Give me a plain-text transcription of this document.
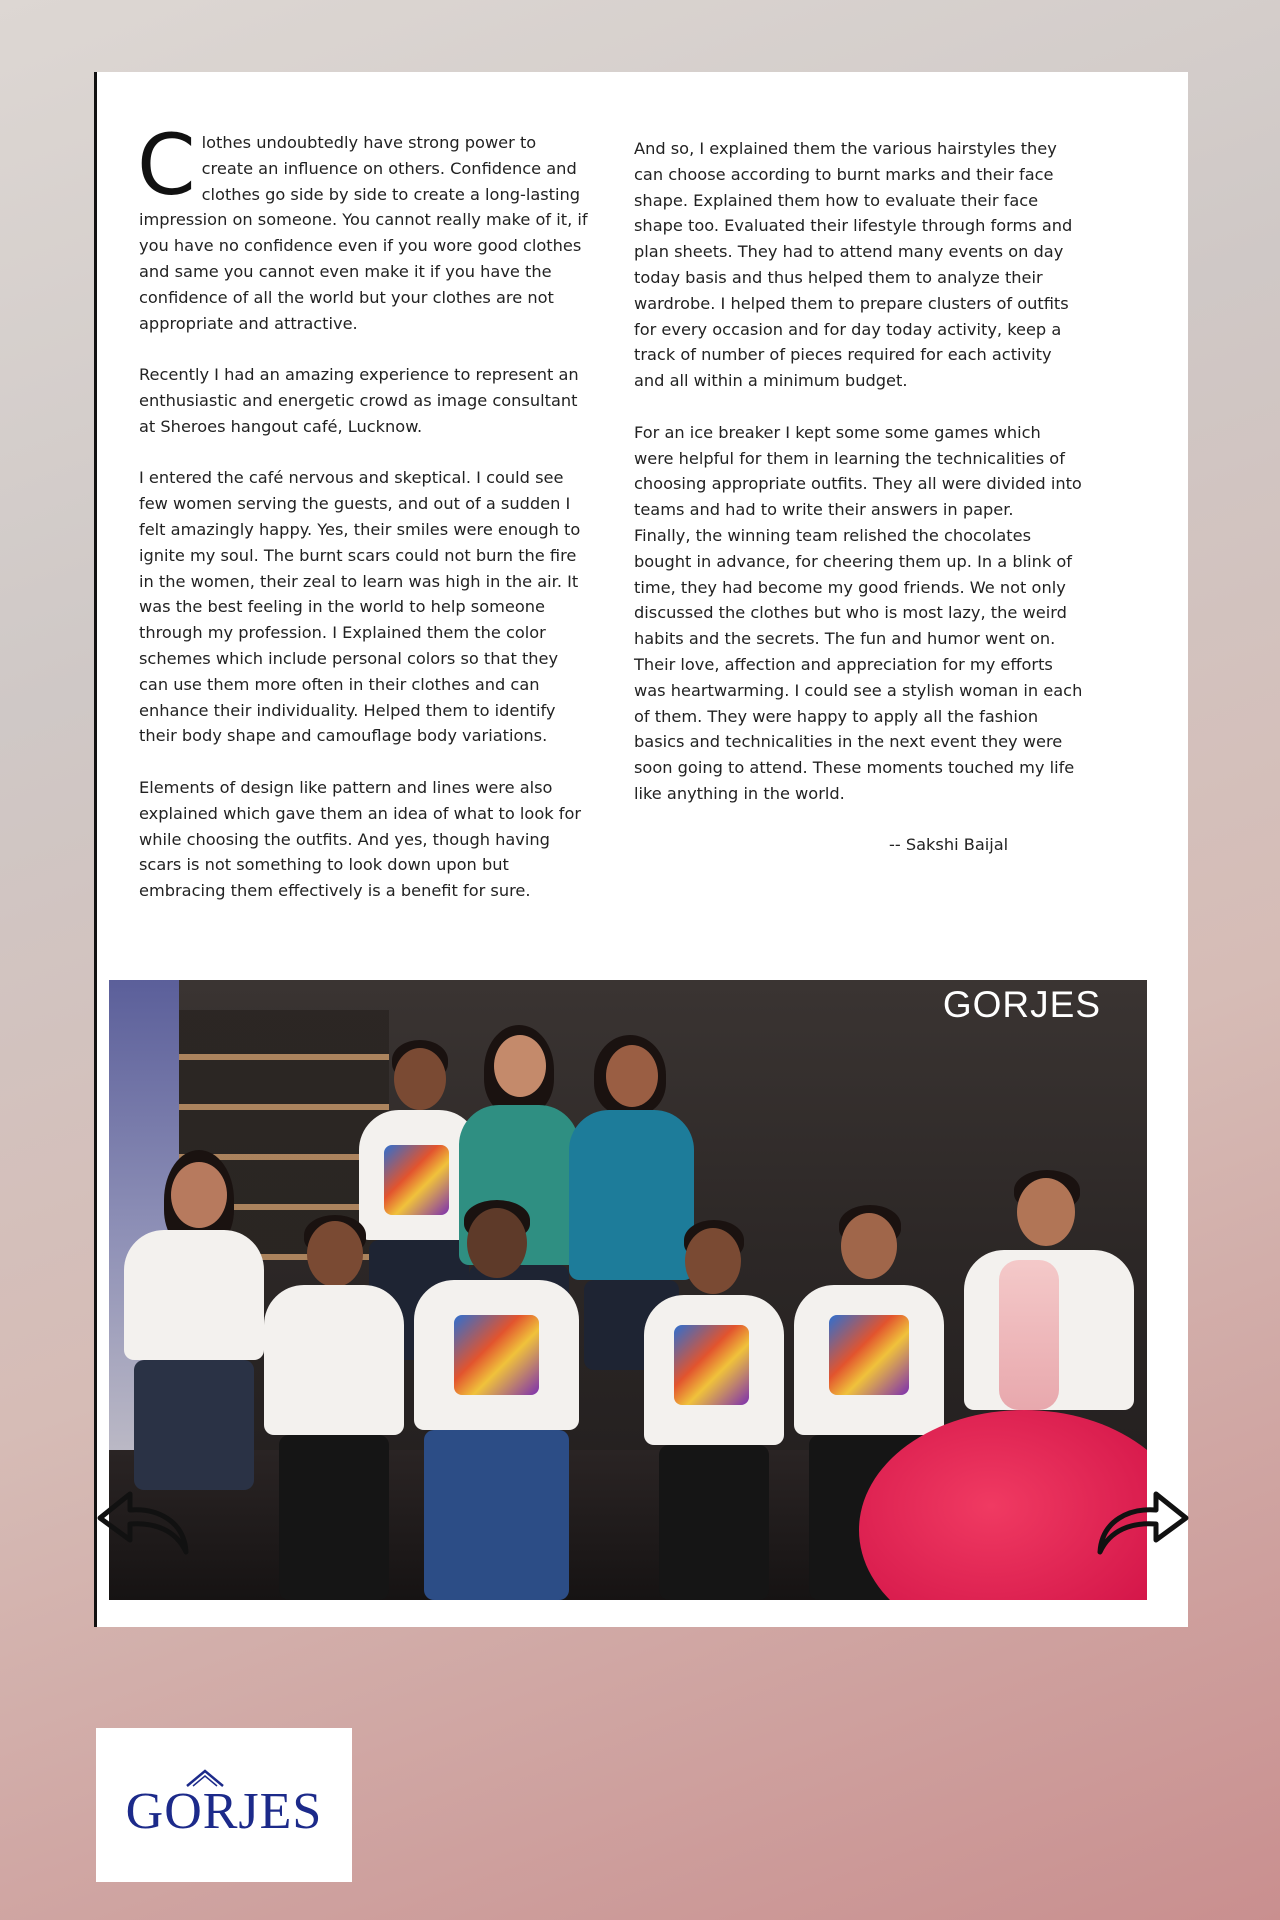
Clothes undoubtedly have strong power to create an influence on others. Confidence and clothes go side by side to create a long-lasting impression on someone. You cannot really make of it, if you have no confidence even if you wore good clothes and same you cannot even make it if you have the confidence of all the world but your clothes are not appropriate and attractive.

Recently I had an amazing experience to represent an enthusiastic and energetic crowd as image consultant at Sheroes hangout café, Lucknow.

I entered the café nervous and skeptical. I could see few women serving the guests, and out of a sudden I felt amazingly happy. Yes, their smiles were enough to ignite my soul. The burnt scars could not burn the fire in the women, their zeal to learn was high in the air. It was the best feeling in the world to help someone through my profession. I Explained them the color schemes which include personal colors so that they can use them more often in their clothes and can enhance their individuality. Helped them to identify their body shape and camouflage body variations.

Elements of design like pattern and lines were also explained which gave them an idea of what to look for while choosing the outfits. And yes, though having scars is not something to look down upon but embracing them effectively is a benefit for sure.

And so, I explained them the various hairstyles they can choose according to burnt marks and their face shape. Explained them how to evaluate their face shape too. Evaluated their lifestyle through forms and plan sheets. They had to attend many events on day today basis and thus helped them to analyze their wardrobe. I helped them to prepare clusters of outfits for every occasion and for day today activity, keep a track of number of pieces required for each activity and all within a minimum budget.

For an ice breaker I kept some some games which were helpful for them in learning the technicalities of choosing appropriate outfits. They all were divided into teams and had to write their answers in paper.

Finally, the winning team relished the chocolates bought in advance, for cheering them up. In a blink of time, they had become my good friends. We not only discussed the clothes but who is most lazy, the weird habits and the secrets. The fun and humor went on.

Their love, affection and appreciation for my efforts was heartwarming. I could see a stylish woman in each of them. They were happy to apply all the fashion basics and technicalities in the next event they were soon going to attend. These moments touched my life like anything in the world.

-- Sakshi Baijal
GORJES
GORJES
